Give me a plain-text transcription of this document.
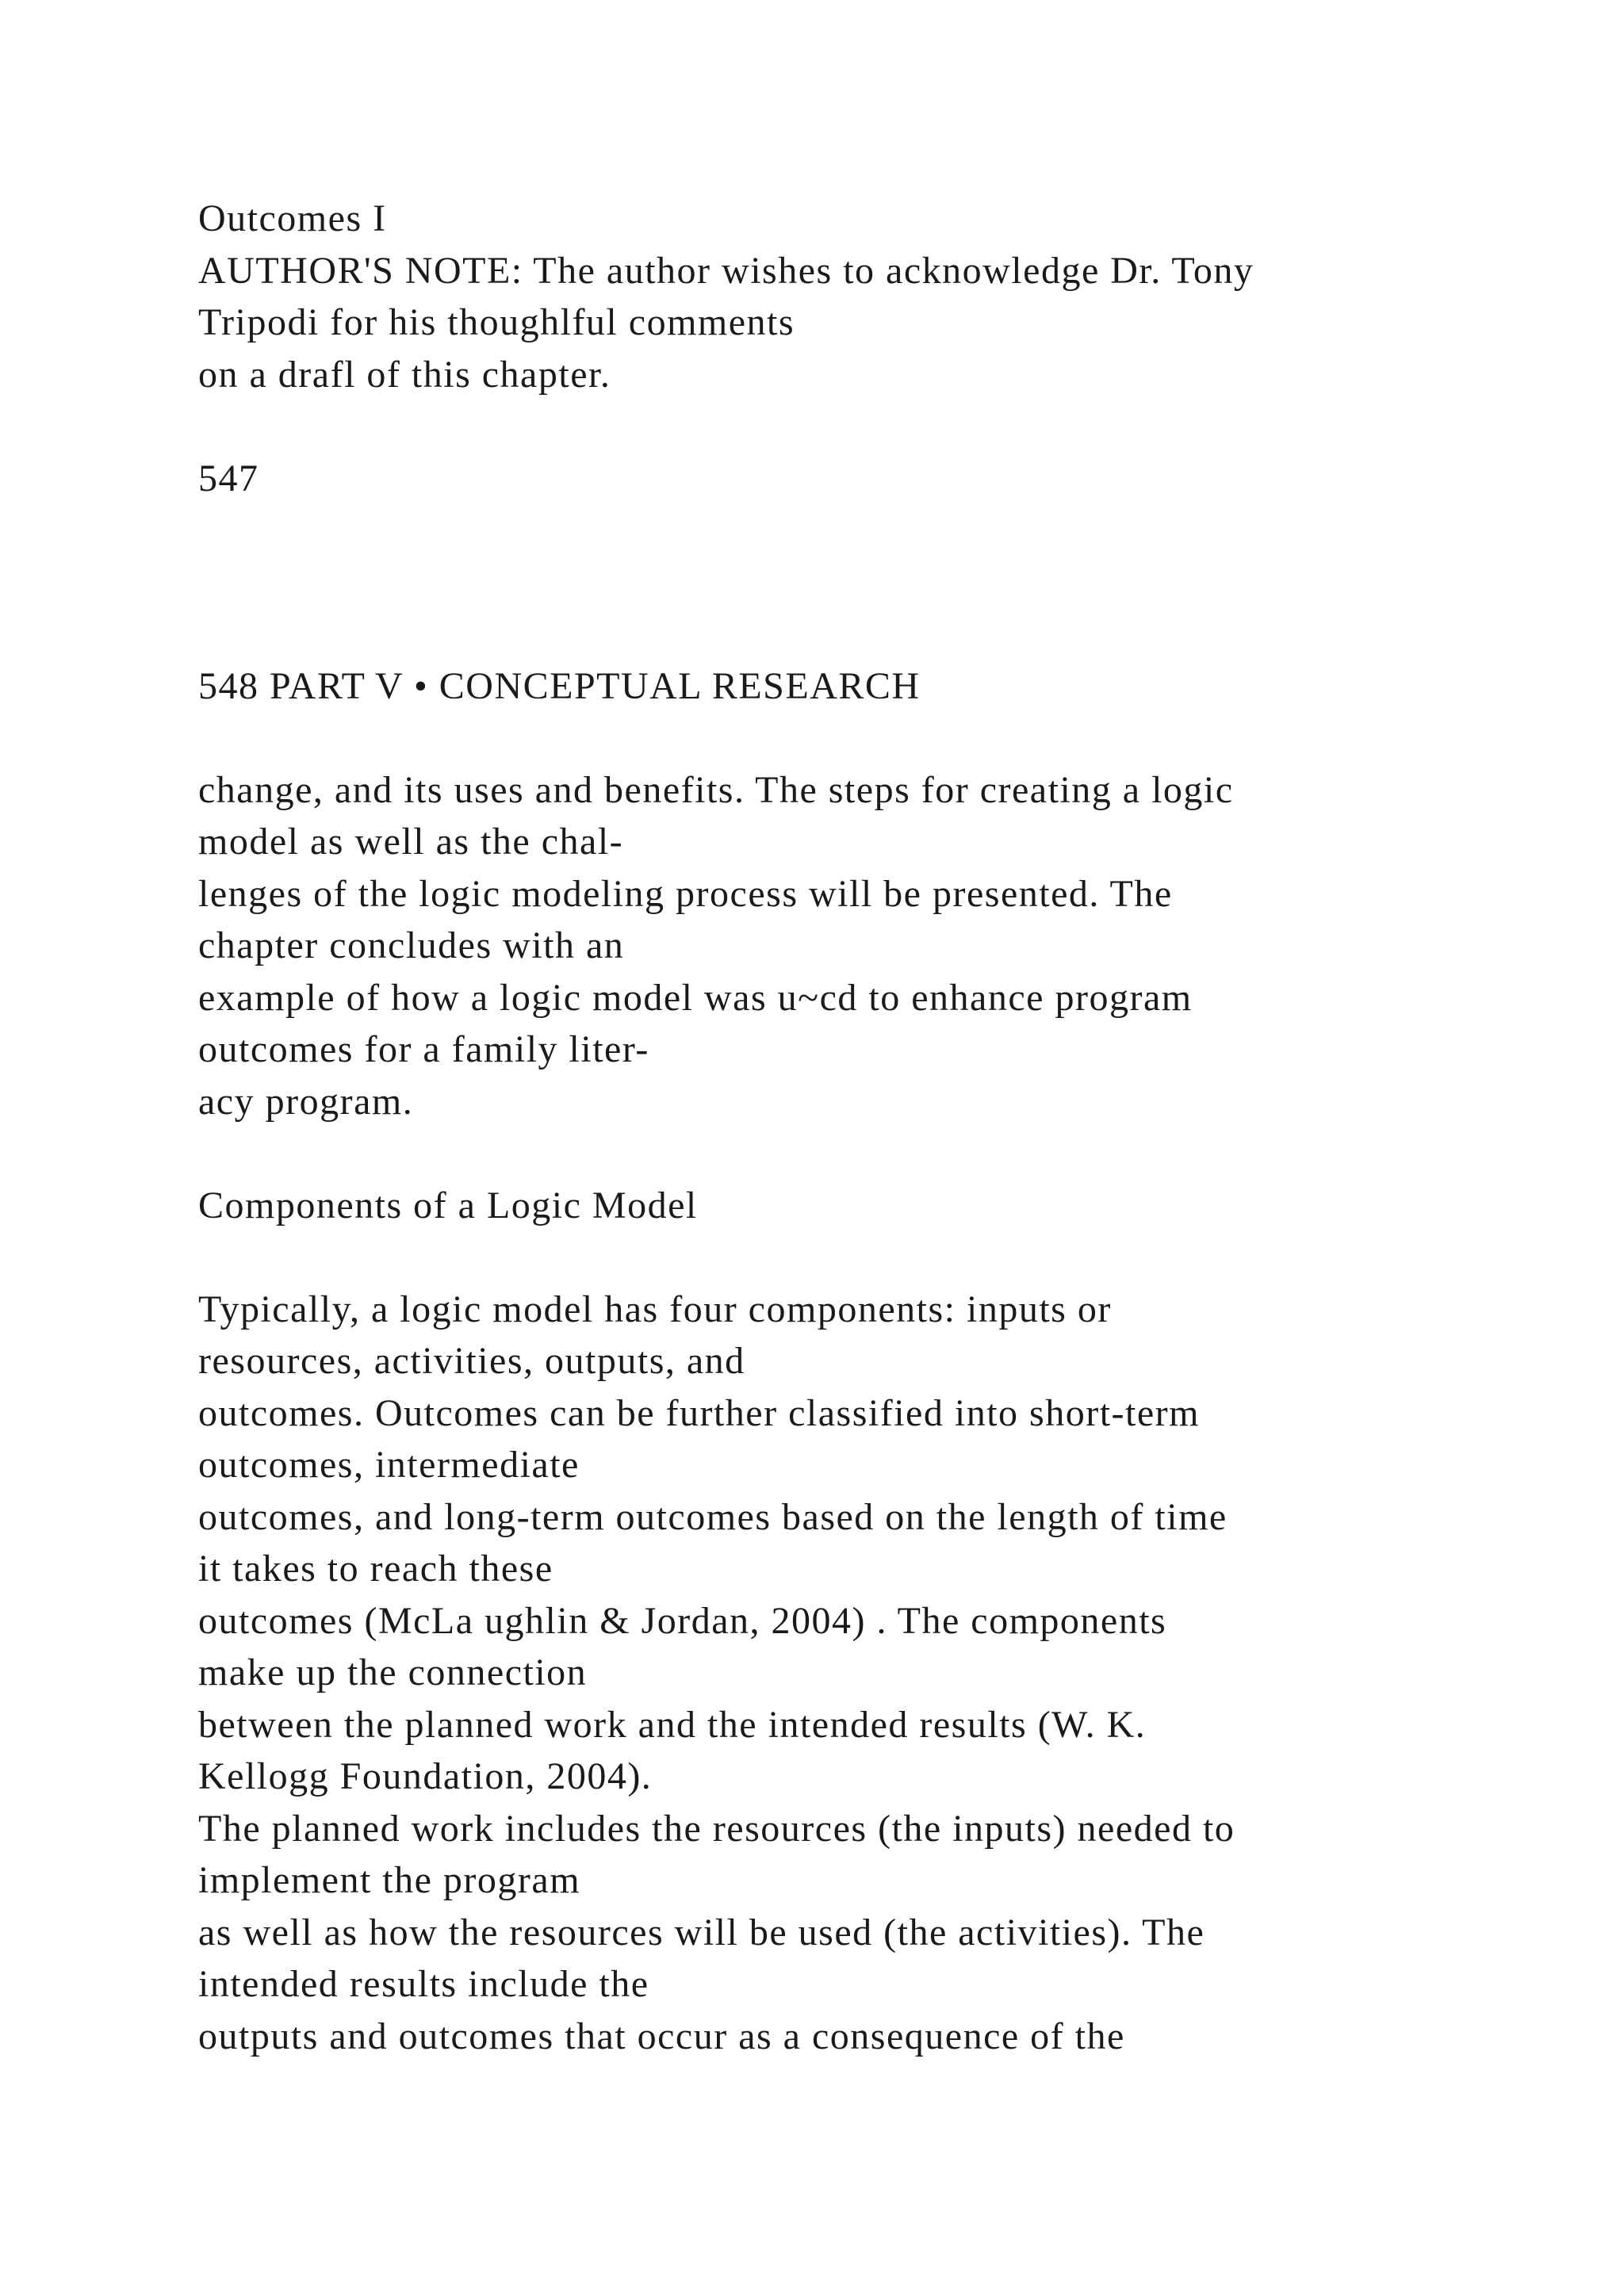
Outcomes I
AUTHOR'S NOTE: The author wishes to acknowledge Dr. Tony
Tripodi for his thoughlful comments
on a drafl of this chapter.
547
548 PART V • CONCEPTUAL RESEARCH
change, and its uses and benefits. The steps for creating a logic
model as well as the chal-
lenges of the logic modeling process will be presented. The
chapter concludes with an
example of how a logic model was u~cd to enhance program
outcomes for a family liter-
acy program.
Components of a Logic Model
Typically, a logic model has four components: inputs or
resources, activities, outputs, and
outcomes. Outcomes can be further classified into short-term
outcomes, intermediate
outcomes, and long-term outcomes based on the length of time
it takes to reach these
outcomes (McLa ughlin & Jordan, 2004) . The components
make up the connection
between the planned work and the intended results (W. K.
Kellogg Foundation, 2004).
The planned work includes the resources (the inputs) needed to
implement the program
as well as how the resources will be used (the activities). The
intended results include the
outputs and outcomes that occur as a consequence of the
